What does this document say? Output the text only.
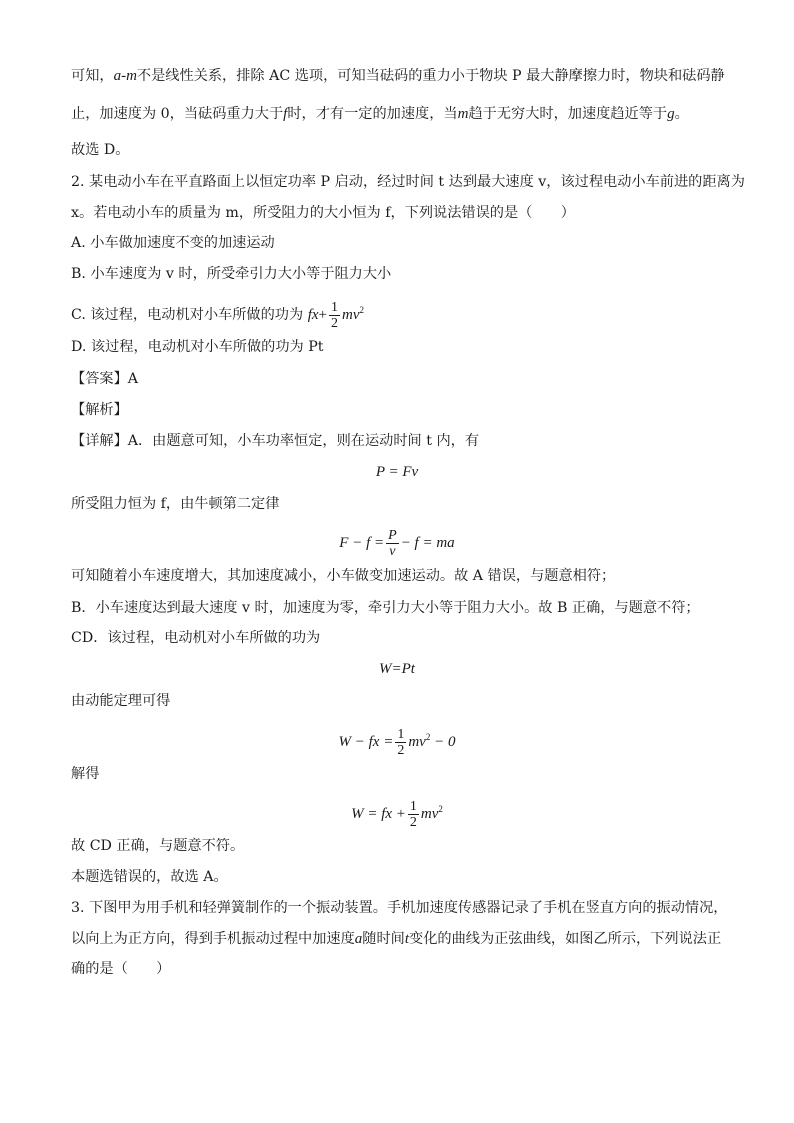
可知，a-m不是线性关系，排除 AC 选项，可知当砝码的重力小于物块 P 最大静摩擦力时，物块和砝码静
止，加速度为 0，当砝码重力大于f时，才有一定的加速度，当m趋于无穷大时，加速度趋近等于g。
故选 D。
2. 某电动小车在平直路面上以恒定功率 P 启动，经过时间 t 达到最大速度 v，该过程电动小车前进的距离为
x。若电动小车的质量为 m，所受阻力的大小恒为 f，下列说法错误的是（　　）
A. 小车做加速度不变的加速运动
B. 小车速度为 v 时，所受牵引力大小等于阻力大小
C. 该过程，电动机对小车所做的功为 $fx+ \frac{1}{2} mv^2$
D. 该过程，电动机对小车所做的功为 Pt
【答案】A
【解析】
【详解】A．由题意可知，小车功率恒定，则在运动时间 t 内，有
P = Fv
所受阻力恒为 f，由牛顿第二定律
$F - f = \frac{P}{v} - f$ = ma
可知随着小车速度增大，其加速度减小，小车做变加速运动。故 A 错误，与题意相符；
B．小车速度达到最大速度 v 时，加速度为零，牵引力大小等于阻力大小。故 B 正确，与题意不符；
CD．该过程，电动机对小车所做的功为
W=Pt
由动能定理可得
W − fx = $\frac{1}{2} mv^2 - 0$
解得
W = fx + $\frac{1}{2} mv^2$
故 CD 正确，与题意不符。
本题选错误的，故选 A。
3. 下图甲为用手机和轻弹簧制作的一个振动装置。手机加速度传感器记录了手机在竖直方向的振动情况，
以向上为正方向，得到手机振动过程中加速度a随时间t变化的曲线为正弦曲线，如图乙所示，下列说法正
确的是（　　）
